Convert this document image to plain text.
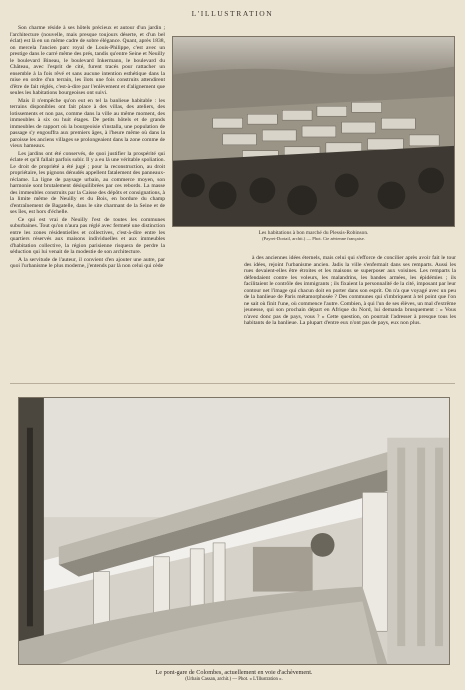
L'ILLUSTRATION

Son charme réside à ses hôtels précieux et autour d'un jardin ; l'architecture (nouvelle, mais presque toujours déserte, et d'un bel éclat) est là en un même cadre de sobre élégance. Quant, après 1838, on mercela l'ancien parc royal de Louis-Philippe, c'est avec un prestige dans le carré même des prés, tandis qu'entre Seine et Neuilly le boulevard Bineau, le boulevard Inkermann, le boulevard du Château, avec l'esprit de cité, furent tracés pour rattacher un ensemble à la fois rêvé et sans aucune intention esthétique dans la mise en ordre d'un terrain, les îlots une fois construits attendirent d'être de fait réglés, c'est-à-dire par l'enlèvement et d'alignement que seules les habitations bourgeoises ont suivi.

Mais il n'empêche qu'on eut en tel la banlieue habitable : les terrains disponibles ont fait place à des villas, des ateliers, des lotissements et non pas, comme dans la ville au même moment, des immeubles à six ou huit étages. De petits hôtels et de grands immeubles de rapport où la bourgeoisie s'installa, une population de passage s'y engouffra aux premiers âges, à l'heure même où dans la paroisse les anciens villages se prolongeaient dans la zone comme de vieux hameaux.

Les jardins ont été conservés, de quoi justifier la prospérité qui éclate et qu'il fallait parfois subir. Il y a eu là une véritable spoliation. Le droit de propriété a été jugé ; pour la reconstruction, au droit propriétaire, les pignons dénudés appellent fatalement des panneaux-réclame. La ligne de paysage urbain, au commerce moyen, son harmonie sont brutalement désiquilibrées par ces rebords. La masse des immeubles construits par la Caisse des dépôts et consignations, à la limite même de Neuilly et du Bois, en bordure du champ d'entraînement de Bagatelle, dans le site charmant de la Seine et de ses îles, est hors d'échelle.

Ce qui est vrai de Neuilly l'est de toutes les communes suburbaines. Tout qu'on n'aura pas réglé avec fermeté une distinction entre les zones résidentielles et collectives, c'est-à-dire entre les quartiers réservés aux maisons individuelles et aux immeubles d'habitation collective, la région parisienne risquera de perdre la séduction qui lui venait de la modestie de son architecture.

A la servitude de l'auteur, il convient d'en ajouter une autre, par quoi l'urbanisme le plus moderne, j'entends par là non celui qui cède

Les habitations à bon marché du Plessis-Robinson.
(Payret-Dortail, archit.) — Phot. Cie aérienne française.

à des anciennes idées éternels, mais celui qui s'efforce de concilier après avoir fait le tour des idées, rejoint l'urbanisme ancien. Jadis la ville s'enfermait dans ses remparts. Aussi les rues devaient-elles être étroites et les maisons se superposer aux voisines. Les remparts la défendaient contre les voleurs, les malandrins, les bandes armées, les épidémies ; ils facilitaient le contrôle des immigrants ; ils fixaient la personnalité de la cité, imposant par leur contour net l'image qui chacun doit en porter dans son esprit. On n'a que voyagé avec un peu de la banlieue de Paris métamorphosée ? Des communes qui s'imbriquent à tel point que l'on ne sait où finit l'une, où commence l'autre. Combien, à qui l'un de ses élèves, un mal d'extrême jeunesse, qui son prochain départ en Afrique du Nord, lui demanda brusquement : « Vous n'avez donc pas de pays, vous ? » Cette question, on pourrait l'adresser à presque tous les habitants de la banlieue. La plupart d'entre eux n'ont pas de pays, eux non plus.

Le pont-gare de Colombes, actuellement en voie d'achèvement.
(Urbain Cassan, archit.) — Phot. « L'Illustration ».
